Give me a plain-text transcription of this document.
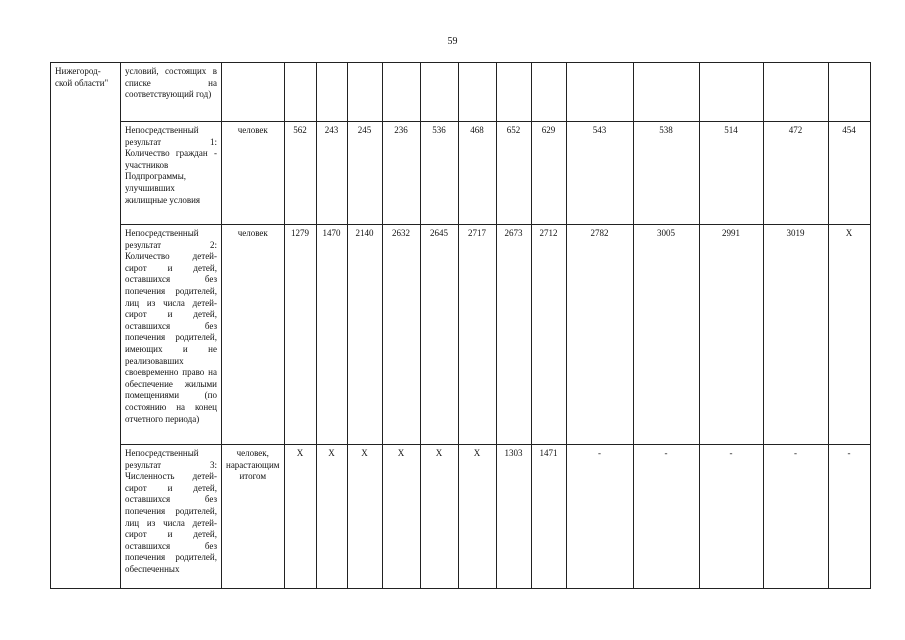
59
Нижегород-ской области"	условий, состоящих в списке на соответствующий год)														
	Непосредственный результат 1: Количество граждан - участников Подпрограммы, улучшивших жилищные условия	человек	562	243	245	236	536	468	652	629	543	538	514	472	454
	Непосредственный результат 2: Количество детей-сирот и детей, оставшихся без попечения родителей, лиц из числа детей-сирот и детей, оставшихся без попечения родителей, имеющих и не реализовавших своевременно право на обеспечение жилыми помещениями (по состоянию на конец отчетного периода)	человек	1279	1470	2140	2632	2645	2717	2673	2712	2782	3005	2991	3019	Х
	Непосредственный результат 3: Численность детей-сирот и детей, оставшихся без попечения родителей, лиц из числа детей-сирот и детей, оставшихся без попечения родителей, обеспеченных	человек, нарастающим итогом	Х	Х	Х	Х	Х	Х	1303	1471	-	-	-	-	-
